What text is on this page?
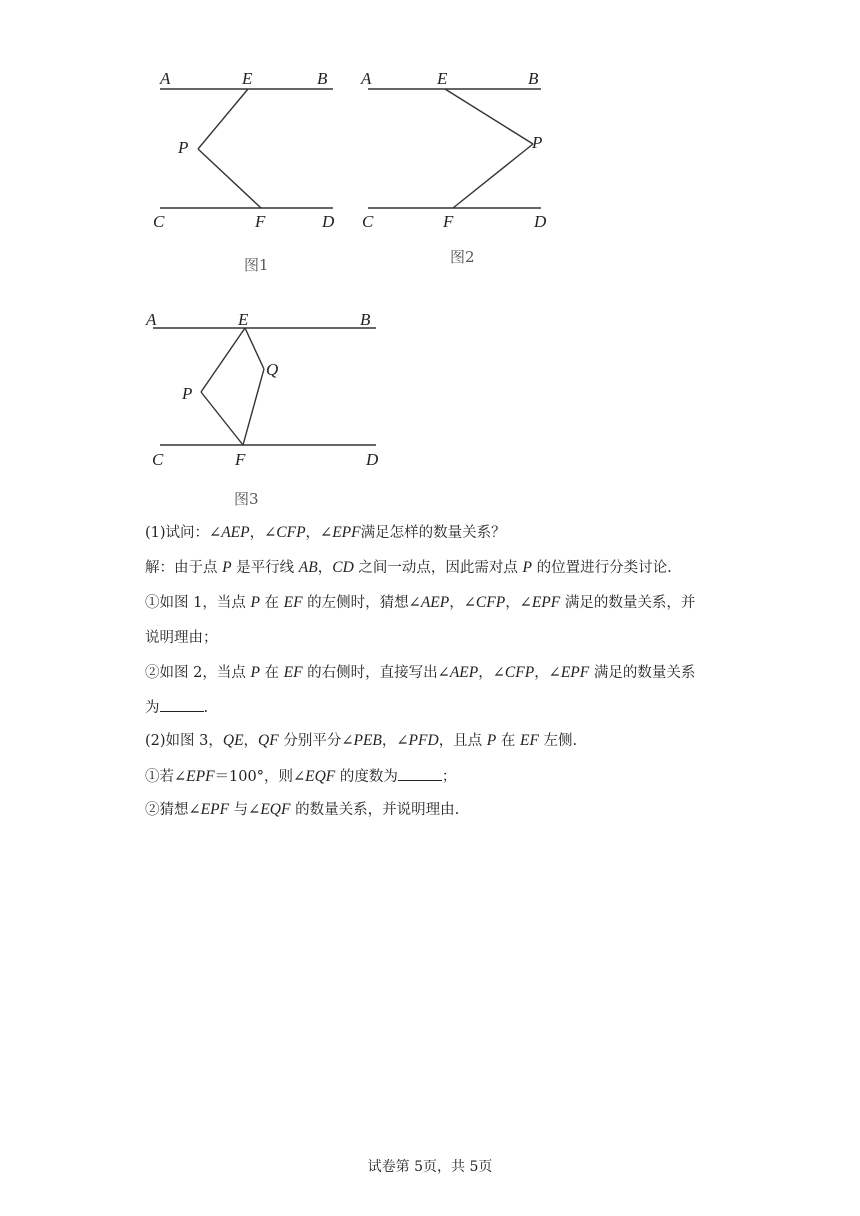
A	E	B
P
C	F	D
图1
A	E	B
P
C	F	D
图2
A	E	B
Q
P
C	F	D
图3
(1)试问：∠AEP，∠CFP，∠EPF满足怎样的数量关系？
解：由于点 P 是平行线 AB，CD 之间一动点，因此需对点 P 的位置进行分类讨论.
①如图 1，当点 P 在 EF 的左侧时，猜想∠AEP，∠CFP，∠EPF 满足的数量关系，并
说明理由；
②如图 2，当点 P 在 EF 的右侧时，直接写出∠AEP，∠CFP，∠EPF 满足的数量关系
为	.
(2)如图 3，QE，QF 分别平分∠PEB，∠PFD，且点 P 在 EF 左侧.
①若∠EPF＝100°，则∠EQF 的度数为	；
②猜想∠EPF 与∠EQF 的数量关系，并说明理由.
试卷第 5页，共 5页
